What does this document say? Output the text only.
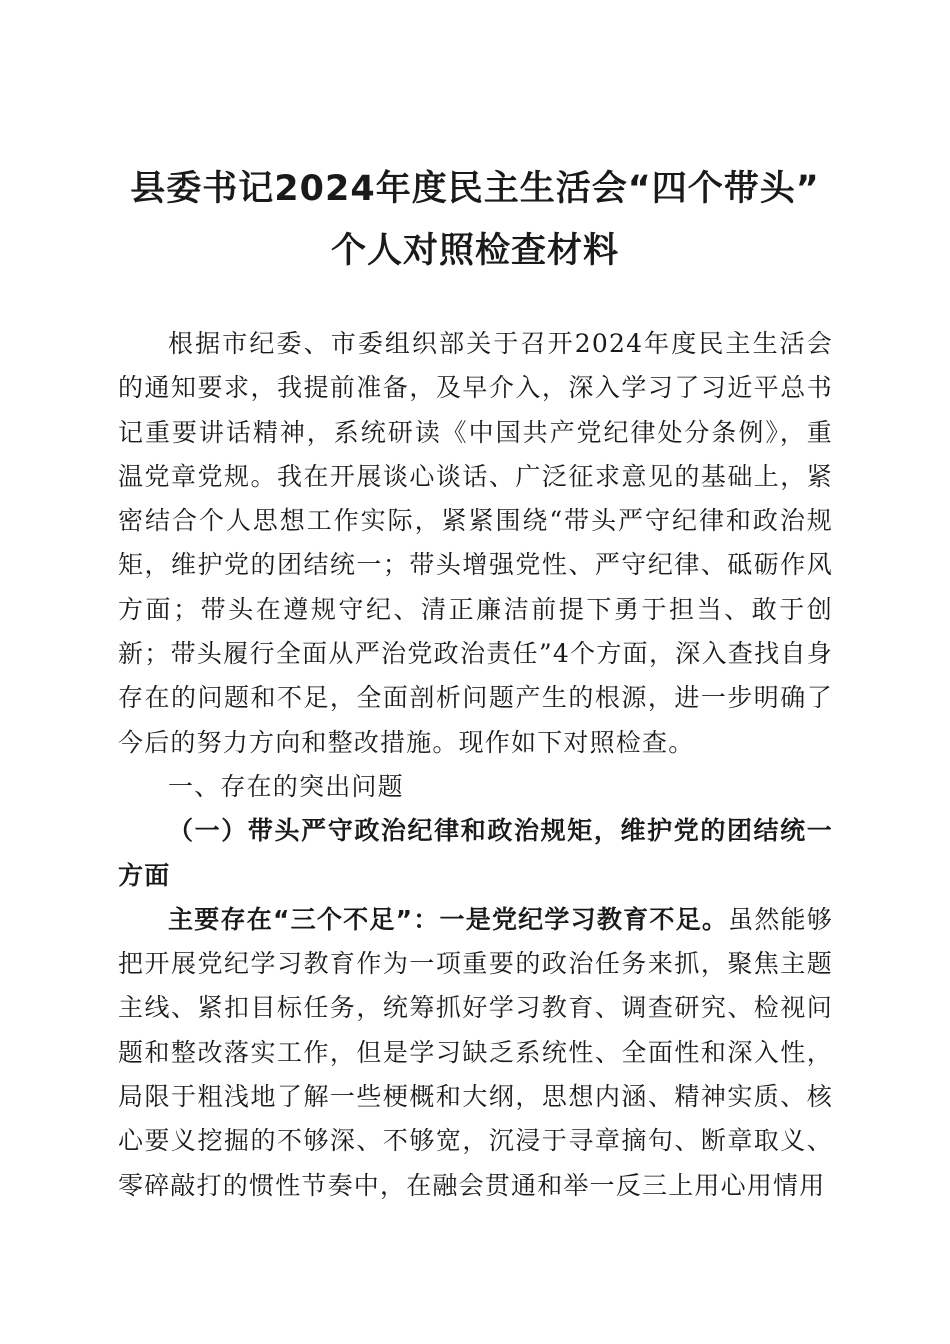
县委书记2024年度民主生活会“四个带头”
个人对照检查材料

根据市纪委、市委组织部关于召开2024年度民主生活会的通知要求，我提前准备，及早介入，深入学习了习近平总书记重要讲话精神，系统研读《中国共产党纪律处分条例》，重温党章党规。我在开展谈心谈话、广泛征求意见的基础上，紧密结合个人思想工作实际，紧紧围绕“带头严守纪律和政治规矩，维护党的团结统一；带头增强党性、严守纪律、砥砺作风方面；带头在遵规守纪、清正廉洁前提下勇于担当、敢于创新；带头履行全面从严治党政治责任”4个方面，深入查找自身存在的问题和不足，全面剖析问题产生的根源，进一步明确了今后的努力方向和整改措施。现作如下对照检查。

一、存在的突出问题

（一）带头严守政治纪律和政治规矩，维护党的团结统一方面

主要存在“三个不足”：一是党纪学习教育不足。虽然能够把开展党纪学习教育作为一项重要的政治任务来抓，聚焦主题主线、紧扣目标任务，统筹抓好学习教育、调查研究、检视问题和整改落实工作，但是学习缺乏系统性、全面性和深入性，局限于粗浅地了解一些梗概和大纲，思想内涵、精神实质、核心要义挖掘的不够深、不够宽，沉浸于寻章摘句、断章取义、零碎敲打的惯性节奏中，在融会贯通和举一反三上用心用情用
